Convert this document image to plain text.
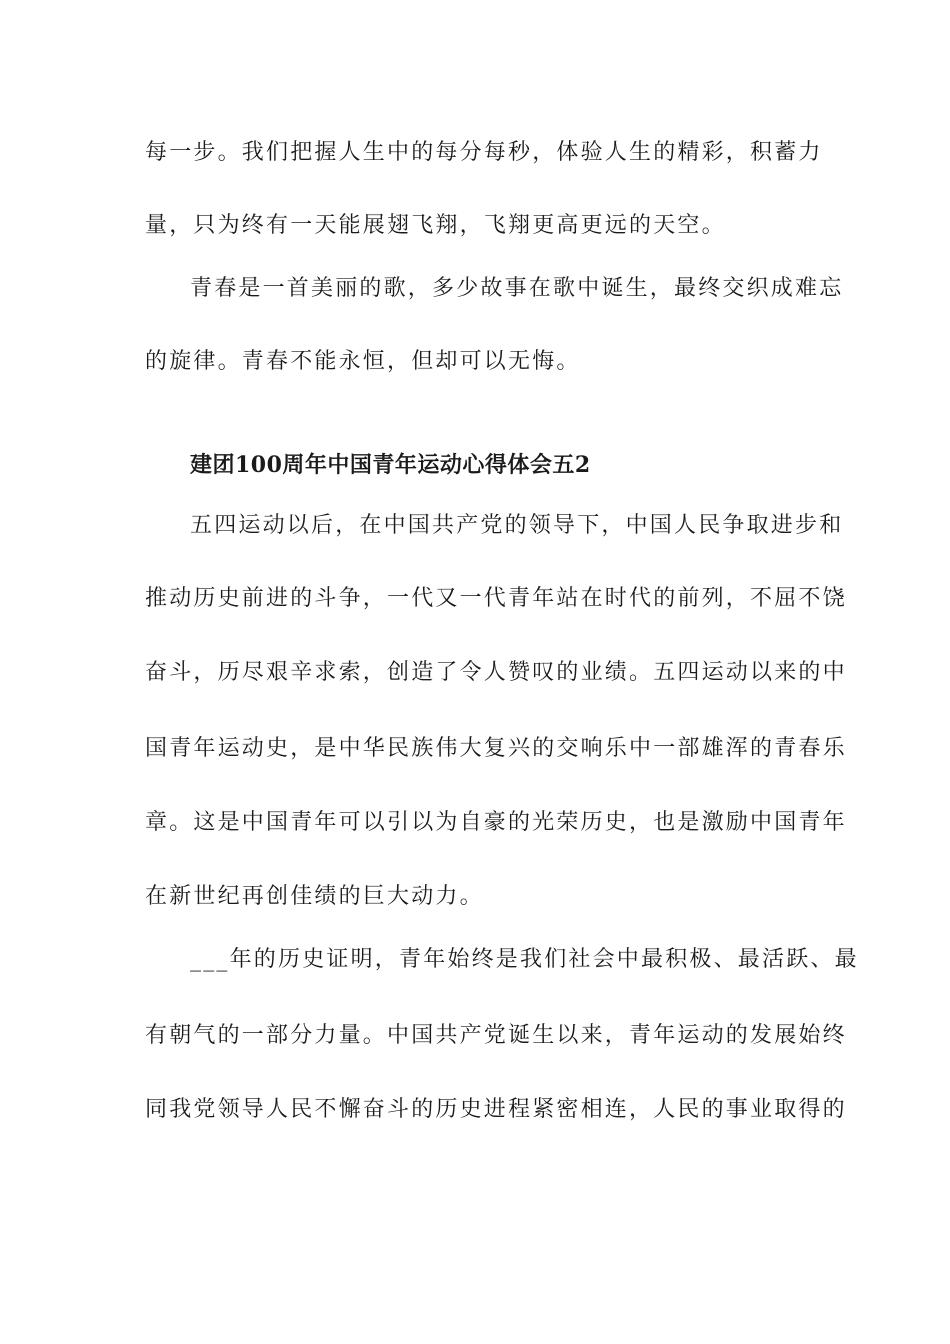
每一步。我们把握人生中的每分每秒，体验人生的精彩，积蓄力
量，只为终有一天能展翅飞翔，飞翔更高更远的天空。
青春是一首美丽的歌，多少故事在歌中诞生，最终交织成难忘
的旋律。青春不能永恒，但却可以无悔。
建团100周年中国青年运动心得体会五2
五四运动以后，在中国共产党的领导下，中国人民争取进步和
推动历史前进的斗争，一代又一代青年站在时代的前列，不屈不饶
奋斗，历尽艰辛求索，创造了令人赞叹的业绩。五四运动以来的中
国青年运动史，是中华民族伟大复兴的交响乐中一部雄浑的青春乐
章。这是中国青年可以引以为自豪的光荣历史，也是激励中国青年
在新世纪再创佳绩的巨大动力。
___年的历史证明，青年始终是我们社会中最积极、最活跃、最
有朝气的一部分力量。中国共产党诞生以来，青年运动的发展始终
同我党领导人民不懈奋斗的历史进程紧密相连，人民的事业取得的
